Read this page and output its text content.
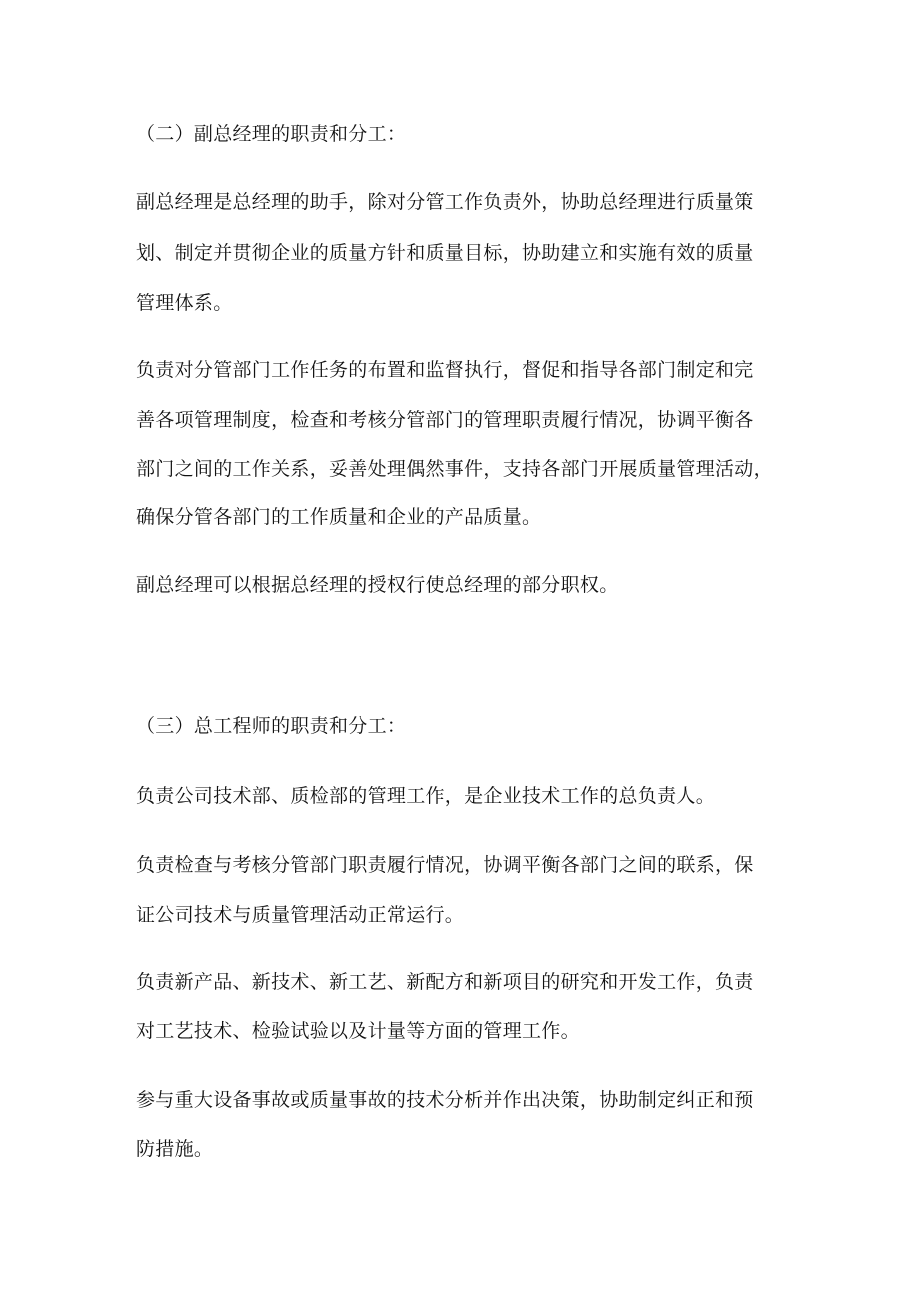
（二）副总经理的职责和分工：
副总经理是总经理的助手，除对分管工作负责外，协助总经理进行质量策
划、制定并贯彻企业的质量方针和质量目标，协助建立和实施有效的质量
管理体系。
负责对分管部门工作任务的布置和监督执行，督促和指导各部门制定和完
善各项管理制度，检查和考核分管部门的管理职责履行情况，协调平衡各
部门之间的工作关系，妥善处理偶然事件，支持各部门开展质量管理活动，
确保分管各部门的工作质量和企业的产品质量。
副总经理可以根据总经理的授权行使总经理的部分职权。
（三）总工程师的职责和分工：
负责公司技术部、质检部的管理工作，是企业技术工作的总负责人。
负责检查与考核分管部门职责履行情况，协调平衡各部门之间的联系，保
证公司技术与质量管理活动正常运行。
负责新产品、新技术、新工艺、新配方和新项目的研究和开发工作，负责
对工艺技术、检验试验以及计量等方面的管理工作。
参与重大设备事故或质量事故的技术分析并作出决策，协助制定纠正和预
防措施。
